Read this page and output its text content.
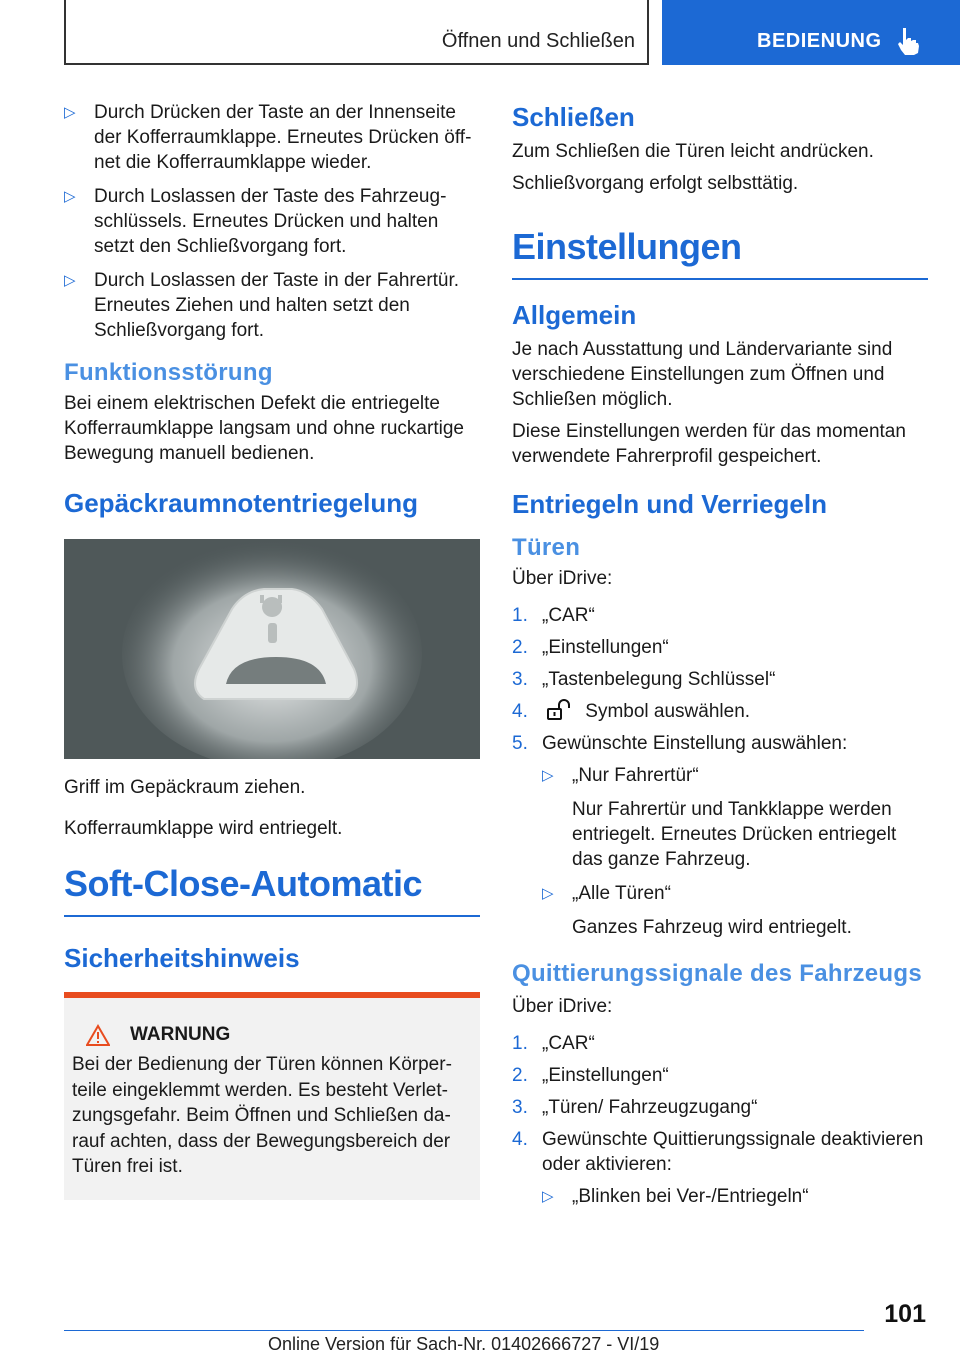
Öffnen und Schließen	BEDIENUNG
▷ Durch Drücken der Taste an der Innenseite der Kofferraumklappe. Erneutes Drücken öffnet die Kofferraumklappe wieder.
▷ Durch Loslassen der Taste des Fahrzeugschlüssels. Erneutes Drücken und halten setzt den Schließvorgang fort.
▷ Durch Loslassen der Taste in der Fahrertür. Erneutes Ziehen und halten setzt den Schließvorgang fort.
Funktionsstörung
Bei einem elektrischen Defekt die entriegelte Kofferraumklappe langsam und ohne ruckartige Bewegung manuell bedienen.
Gepäckraumnotentriegelung
Griff im Gepäckraum ziehen.
Kofferraumklappe wird entriegelt.
Soft-Close-Automatic
Sicherheitshinweis
WARNUNG
Bei der Bedienung der Türen können Körperteile eingeklemmt werden. Es besteht Verletzungsgefahr. Beim Öffnen und Schließen darauf achten, dass der Bewegungsbereich der Türen frei ist.
Schließen
Zum Schließen die Türen leicht andrücken.
Schließvorgang erfolgt selbsttätig.
Einstellungen
Allgemein
Je nach Ausstattung und Ländervariante sind verschiedene Einstellungen zum Öffnen und Schließen möglich.
Diese Einstellungen werden für das momentan verwendete Fahrerprofil gespeichert.
Entriegeln und Verriegeln
Türen
Über iDrive:
1. „CAR“
2. „Einstellungen“
3. „Tastenbelegung Schlüssel“
4.	Symbol auswählen.
5. Gewünschte Einstellung auswählen:
▷ „Nur Fahrertür“
Nur Fahrertür und Tankklappe werden entriegelt. Erneutes Drücken entriegelt das ganze Fahrzeug.
▷ „Alle Türen“
Ganzes Fahrzeug wird entriegelt.
Quittierungssignale des Fahrzeugs
Über iDrive:
1. „CAR“
2. „Einstellungen“
3. „Türen/ Fahrzeugzugang“
4. Gewünschte Quittierungssignale deaktivieren oder aktivieren:
▷ „Blinken bei Ver-/Entriegeln“
101
Online Version für Sach-Nr. 01402666727 - VI/19
